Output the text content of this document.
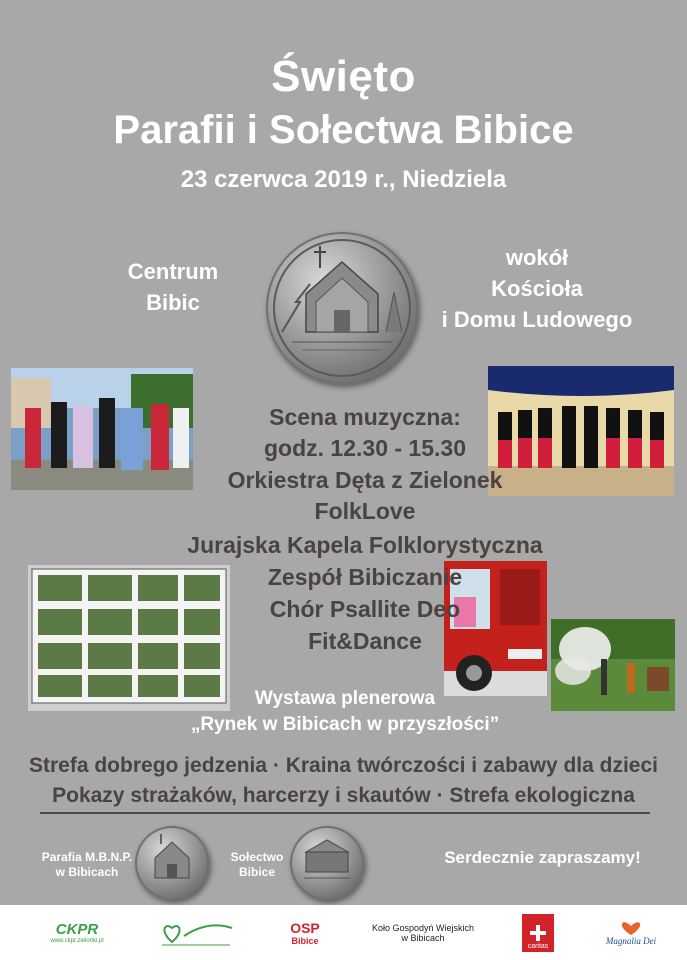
Święto
Parafii i Sołectwa Bibice
23 czerwca 2019 r., Niedziela
Centrum
Bibic
wokół
Kościoła
i Domu Ludowego
Scena muzyczna:
godz. 12.30 - 15.30
Orkiestra Dęta z Zielonek
FolkLove
Jurajska Kapela Folklorystyczna
Zespół Bibiczanie
Chór Psallite Deo
Fit&Dance
Wystawa plenerowa
„Rynek w Bibicach w przyszłości”
Strefa dobrego jedzenia · Kraina twórczości i zabawy dla dzieci
Pokazy strażaków, harcerzy i skautów · Strefa ekologiczna
Parafia M.B.N.P.
w Bibicach
Sołectwo
Bibice
Serdecznie zapraszamy!
CKPR
www.ckpr.zielonki.pl
OSP
Bibice
Koło Gospodyń Wiejskich
w Bibicach
caritas
Magnalia Dei
